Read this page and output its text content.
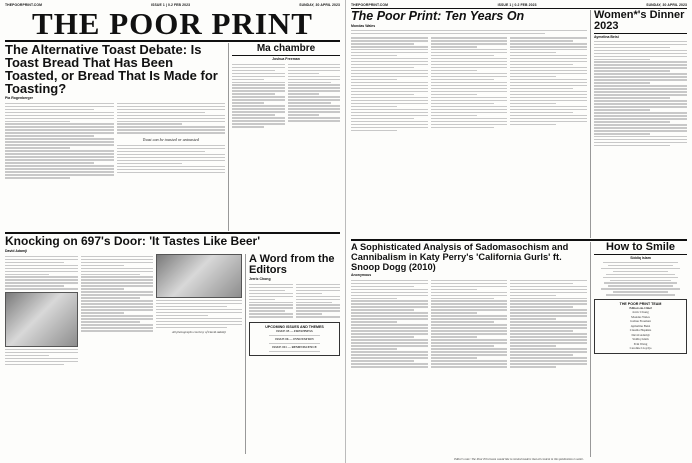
THEPOORPRINT.COM	ISSUE 1 | 0.2 FEB 2023	SUNDAY, 30 APRIL 2023
THE POOR PRINT
The Alternative Toast Debate: Is Toast Bread That Has Been Toasted, or Bread That Is Made for Toasting?
Pia Rogenberger
Toast can be toasted or untoasted
Ma chambre
Joshua Freeman
Knocking on 697's Door: 'It Tastes Like Beer'
David Adamji
All photographs courtesy of David Adamji
A Word from the Editors
Jerric Chong
UPCOMING ISSUES AND THEMES
ISSUE #5 — FRESHNESS
ISSUE #6 — INNOVATION
ISSUE #11 — REMINISCENCE
THEPOORPRINT.COM	ISSUE 1 | 0.2 FEB 2023	SUNDAY, 30 APRIL 2023
The Poor Print: Ten Years On
Mondas Wales
Women*'s Dinner 2023
Aymelina Beisi
A Sophisticated Analysis of Sadomasochism and Cannibalism in Katy Perry's 'California Gurls' ft. Snoop Dogg (2010)
Anonymous
How to Smile
Siddiq Islam
THE POOR PRINT TEAM
Editors-in-Chief
Jerric Chong
Mondas Wales
Joshua Freeman
Aymelina Beisi
Claudia Hopkins
David Adamji
Siddiq Islam
Erin Wang
Caroline Lloydjo
Editor's note: The Poor Print team would like to remind readers that all content in this publication is satire.
